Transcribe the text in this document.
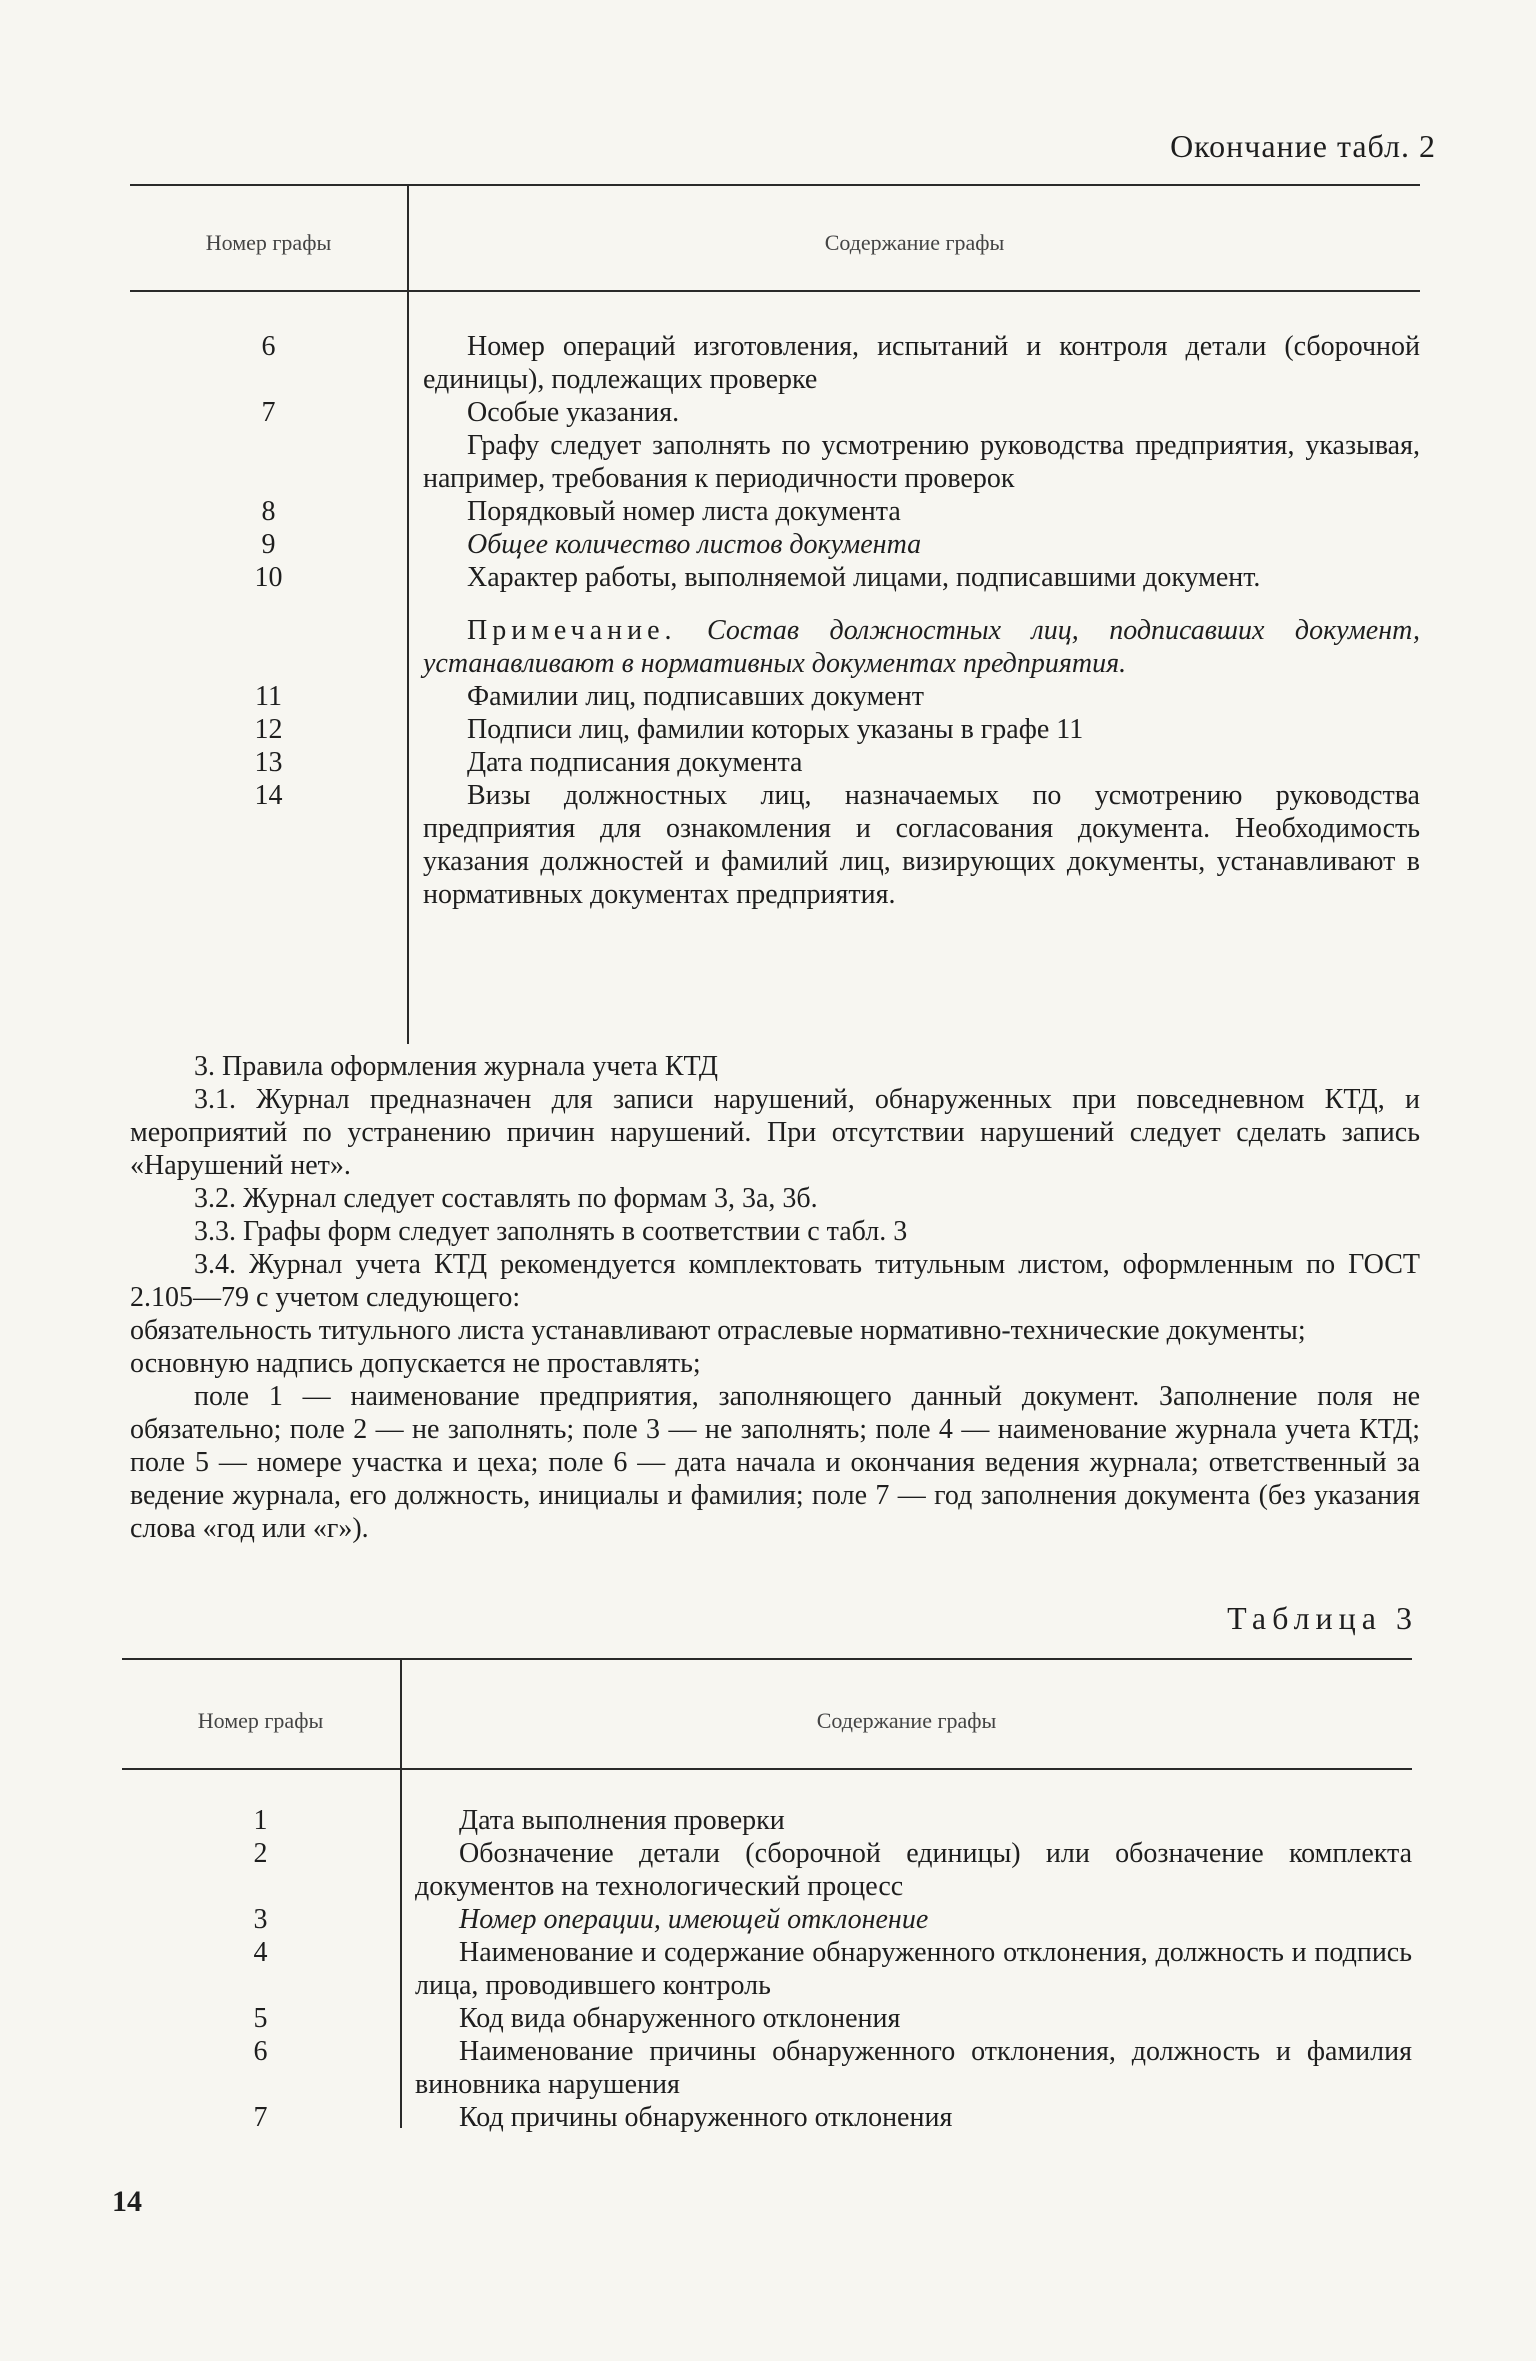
Окончание табл. 2
Номер графы	Содержание графы
6	Номер операций изготовления, испытаний и контроля детали (сборочной единицы), подлежащих проверке
7	Особые указания.
Графу следует заполнять по усмотрению руководства предприятия, указывая, например, требования к периодичности проверок
8	Порядковый номер листа документа
9	Общее количество листов документа
10	Характер работы, выполняемой лицами, подписавшими документ.
Примечание. Состав должностных лиц, подписавших документ, устанавливают в нормативных документах предприятия.
11	Фамилии лиц, подписавших документ
12	Подписи лиц, фамилии которых указаны в графе 11
13	Дата подписания документа
14	Визы должностных лиц, назначаемых по усмотрению руководства предприятия для ознакомления и согласования документа. Необходимость указания должностей и фамилий лиц, визирующих документы, устанавливают в нормативных документах предприятия.

3. Правила оформления журнала учета КТД

3.1. Журнал предназначен для записи нарушений, обнаруженных при повседневном КТД, и мероприятий по устранению причин нарушений. При отсутствии нарушений следует сделать запись «Нарушений нет».

3.2. Журнал следует составлять по формам 3, 3а, 3б.

3.3. Графы форм следует заполнять в соответствии с табл. 3

3.4. Журнал учета КТД рекомендуется комплектовать титульным листом, оформленным по ГОСТ 2.105—79 с учетом следующего:

обязательность титульного листа устанавливают отраслевые нормативно-технические документы;

основную надпись допускается не проставлять;

поле 1 — наименование предприятия, заполняющего данный документ. Заполнение поля не обязательно; поле 2 — не заполнять; поле 3 — не заполнять; поле 4 — наименование журнала учета КТД; поле 5 — номере участка и цеха; поле 6 — дата начала и окончания ведения журнала; ответственный за ведение журнала, его должность, инициалы и фамилия; поле 7 — год заполнения документа (без указания слова «год или «г»).

Таблица 3
Номер графы	Содержание графы
1	Дата выполнения проверки
2	Обозначение детали (сборочной единицы) или обозначение комплекта документов на технологический процесс
3	Номер операции, имеющей отклонение
4	Наименование и содержание обнаруженного отклонения, должность и подпись лица, проводившего контроль
5	Код вида обнаруженного отклонения
6	Наименование причины обнаруженного отклонения, должность и фамилия виновника нарушения
7	Код причины обнаруженного отклонения
14
